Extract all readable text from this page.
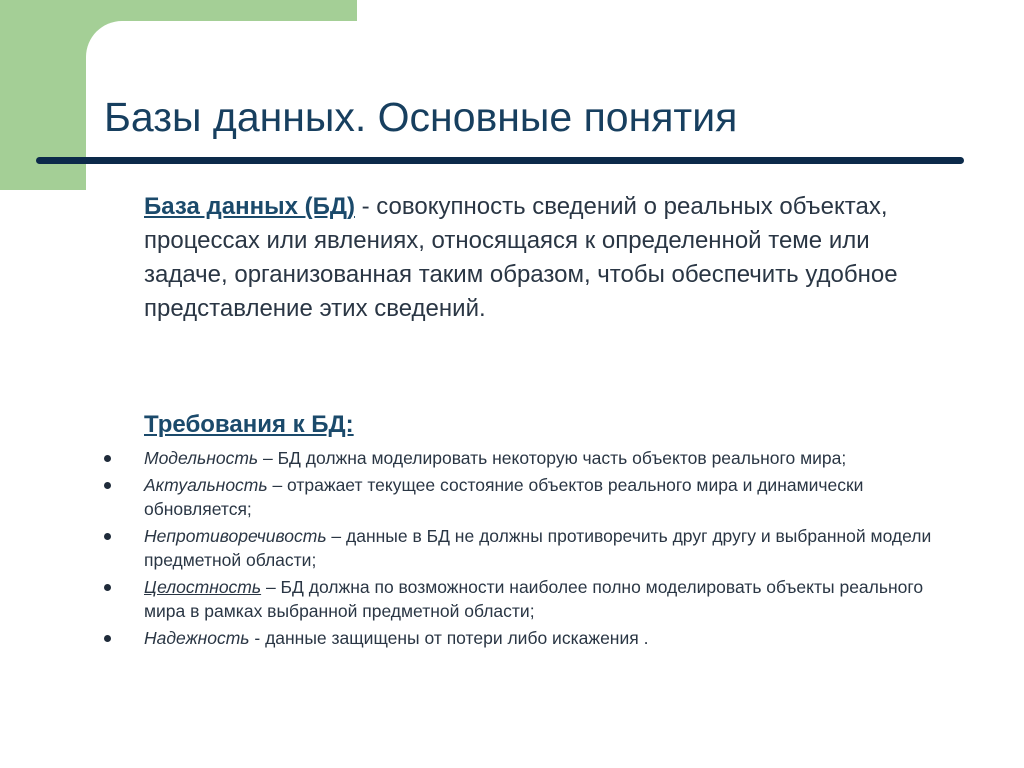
Базы данных. Основные понятия

База данных (БД) - совокупность сведений о реальных объектах, процессах или явлениях, относящаяся к определенной теме или задаче, организованная таким образом, чтобы обеспечить удобное представление этих сведений.

Требования к БД:
Модельность – БД должна моделировать некоторую часть объектов реального мира;
Актуальность – отражает текущее состояние объектов реального мира и динамически обновляется;
Непротиворечивость – данные в БД не должны противоречить друг другу и выбранной модели предметной области;
Целостность – БД должна по возможности наиболее полно моделировать объекты реального мира в рамках выбранной предметной области;
Надежность - данные защищены от потери либо искажения .
